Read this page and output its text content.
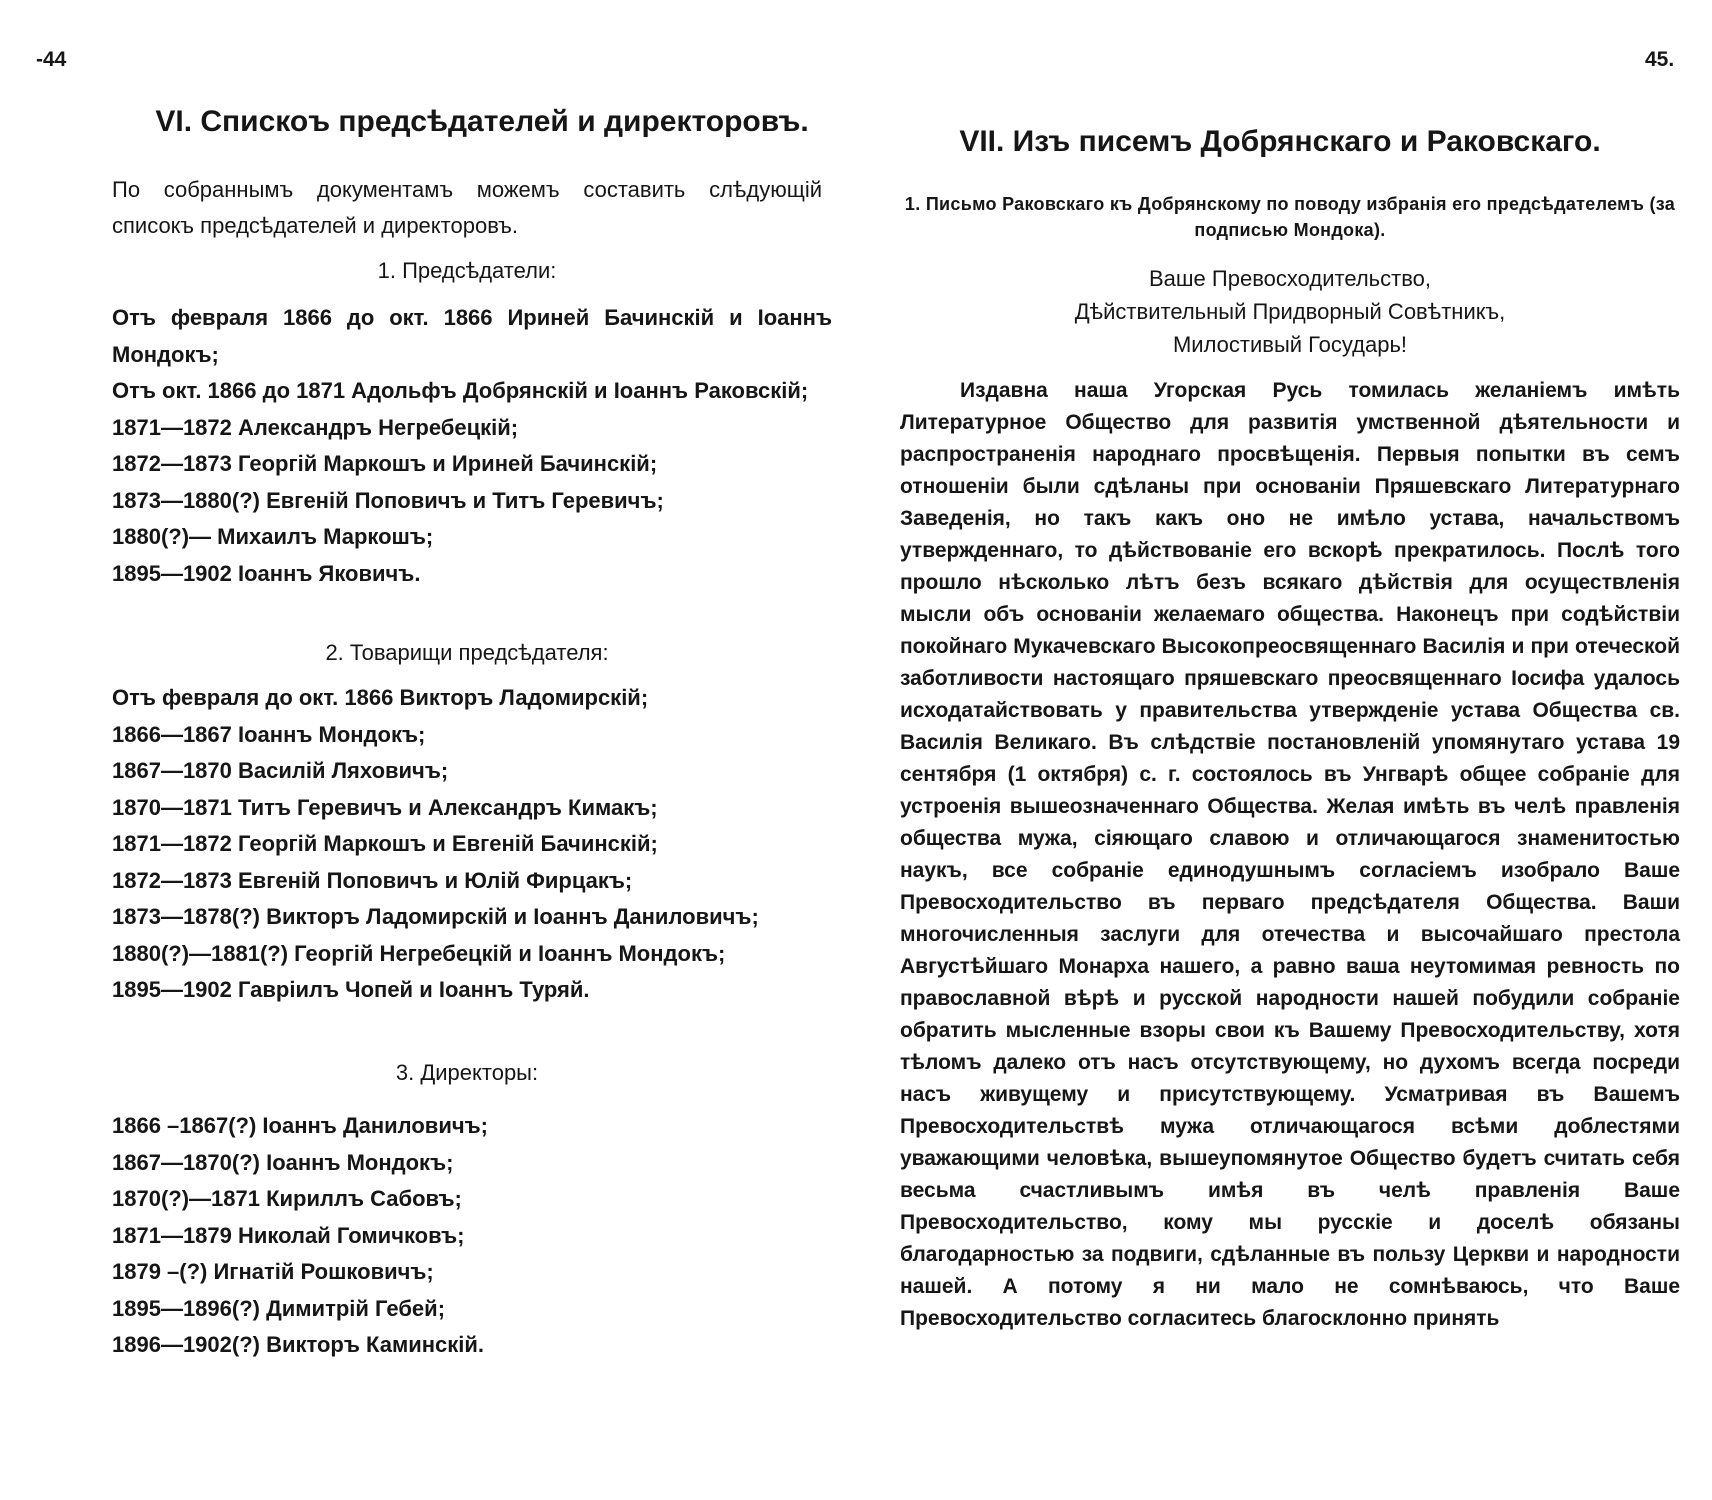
-44	45.
VI. Спискоъ предсѣдателей и директоровъ.

По собраннымъ документамъ можемъ составить слѣдующій списокъ предсѣдателей и директоровъ.

1. Предсѣдатели:
Отъ февраля 1866 до окт. 1866 Ириней Бачинскій и Іоаннъ Мондокъ;
Отъ окт. 1866 до 1871 Адольфъ Добрянскій и Іоаннъ Раковскій;
1871—1872 Александръ Негребецкій;
1872—1873 Георгій Маркошъ и Ириней Бачинскій;
1873—1880(?) Евгеній Поповичъ и Титъ Геревичъ;
1880(?)— Михаилъ Маркошъ;
1895—1902 Іоаннъ Яковичъ.
2. Товарищи предсѣдателя:
Отъ февраля до окт. 1866 Викторъ Ладомирскій;
1866—1867 Іоаннъ Мондокъ;
1867—1870 Василій Ляховичъ;
1870—1871 Титъ Геревичъ и Александръ Кимакъ;
1871—1872 Георгій Маркошъ и Евгеній Бачинскій;
1872—1873 Евгеній Поповичъ и Юлій Фирцакъ;
1873—1878(?) Викторъ Ладомирскій и Іоаннъ Даниловичъ;
1880(?)—1881(?) Георгій Негребецкій и Іоаннъ Мондокъ;
1895—1902 Гавріилъ Чопей и Іоаннъ Туряй.
3. Директоры:
1866 –1867(?) Іоаннъ Даниловичъ;
1867—1870(?) Іоаннъ Мондокъ;
1870(?)—1871 Кириллъ Сабовъ;
1871—1879 Николай Гомичковъ;
1879 –(?) Игнатій Рошковичъ;
1895—1896(?) Димитрій Гебей;
1896—1902(?) Викторъ Каминскій.
VII. Изъ писемъ Добрянскаго и Раковскаго.
1. Письмо Раковскаго къ Добрянскому по поводу избранія его предсѣдателемъ (за подписью Мондока).
Ваше Превосходительство,
Дѣйствительный Придворный Совѣтникъ,
Милостивый Государь!

Издавна наша Угорская Русь томилась желаніемъ имѣть Литературное Общество для развитія умственной дѣятельности и распространенія народнаго просвѣщенія. Первыя попытки въ семъ отношеніи были сдѣланы при основаніи Пряшевскаго Литературнаго Заведенія, но такъ какъ оно не имѣло устава, начальствомъ утвержденнаго, то дѣйствованіе его вскорѣ прекратилось. Послѣ того прошло нѣсколько лѣтъ безъ всякаго дѣйствія для осуществленія мысли объ основаніи желаемаго общества. Наконецъ при содѣйствіи покойнаго Мукачевскаго Высокопреосвященнаго Василія и при отеческой заботливости настоящаго пряшевскаго преосвященнаго Іосифа удалось исходатайствовать у правительства утвержденіе устава Общества св. Василія Великаго. Въ слѣдствіе постановленій упомянутаго устава 19 сентября (1 октября) с. г. состоялось въ Унгварѣ общее собраніе для устроенія вышеозначеннаго Общества. Желая имѣть въ челѣ правленія общества мужа, сіяющаго славою и отличающагося знаменитостью наукъ, все собраніе единодушнымъ согласіемъ изобрало Ваше Превосходительство въ перваго предсѣдателя Общества. Ваши многочисленныя заслуги для отечества и высочайшаго престола Августѣйшаго Монарха нашего, а равно ваша неутомимая ревность по православной вѣрѣ и русской народности нашей побудили собраніе обратить мысленные взоры свои къ Вашему Превосходительству, хотя тѣломъ далеко отъ насъ отсутствующему, но духомъ всегда посреди насъ живущему и присутствующему. Усматривая въ Вашемъ Превосходительствѣ мужа отличающагося всѣми доблестями уважающими человѣка, вышеупомянутое Общество будетъ считать себя весьма счастливымъ имѣя въ челѣ правленія Ваше Превосходительство, кому мы русскіе и доселѣ обязаны благодарностью за подвиги, сдѣланные въ пользу Церкви и народности нашей. А потому я ни мало не сомнѣваюсь, что Ваше Превосходительство согласитесь благосклонно принять
